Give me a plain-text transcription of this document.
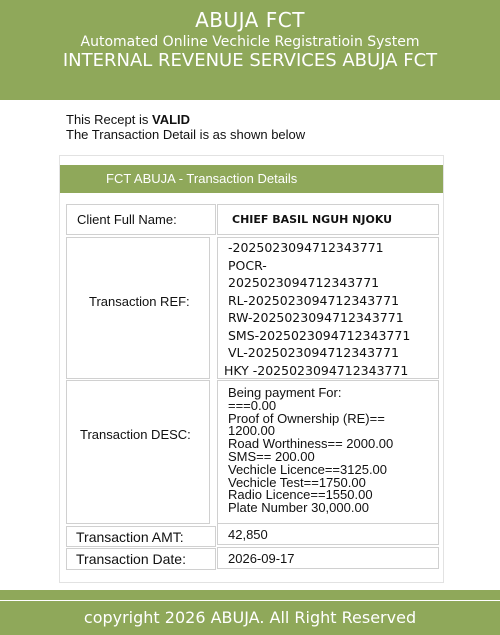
ABUJA FCT
Automated Online Vechicle Registratioin System
INTERNAL REVENUE SERVICES ABUJA FCT
This Recept is VALID
The Transaction Detail is as shown below
FCT ABUJA - Transaction Details
Client Full Name:	CHIEF BASIL NGUH NJOKU
Transaction REF:
-2025023094712343771
POCR-
2025023094712343771
RL-2025023094712343771
RW-2025023094712343771
SMS-2025023094712343771
VL-2025023094712343771
HKY -2025023094712343771
Transaction DESC:
Being payment For:
===0.00
Proof of Ownership (RE)==
1200.00
Road Worthiness== 2000.00
SMS== 200.00
Vechicle Licence==3125.00
Vechicle Test==1750.00
Radio Licence==1550.00
Plate Number 30,000.00
Transaction AMT:	42,850
Transaction Date:	2026-09-17
copyright 2026 ABUJA. All Right Reserved
